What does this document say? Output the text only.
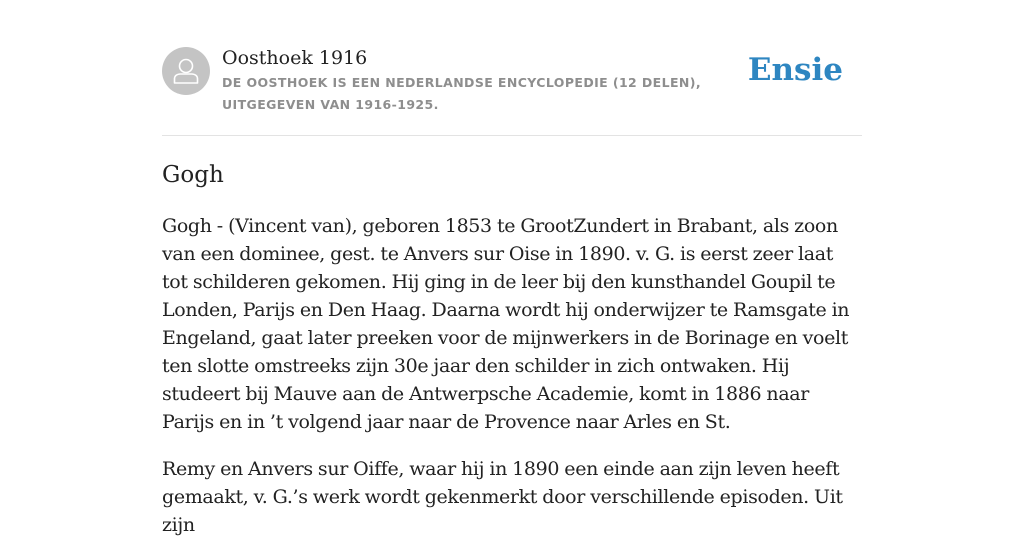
Oosthoek 1916
DE OOSTHOEK IS EEN NEDERLANDSE ENCYCLOPEDIE (12 DELEN), UITGEGEVEN VAN 1916-1925.
Ensie
Gogh

Gogh - (Vincent van), geboren 1853 te GrootZundert in Brabant, als zoon van een dominee, gest. te Anvers sur Oise in 1890. v. G. is eerst zeer laat tot schilderen gekomen. Hij ging in de leer bij den kunsthandel Goupil te Londen, Parijs en Den Haag. Daarna wordt hij onderwijzer te Ramsgate in Engeland, gaat later preeken voor de mijnwerkers in de Borinage en voelt ten slotte omstreeks zijn 30e jaar den schilder in zich ontwaken. Hij studeert bij Mauve aan de Antwerpsche Academie, komt in 1886 naar Parijs en in ’t volgend jaar naar de Provence naar Arles en St.

Remy en Anvers sur Oiffe, waar hij in 1890 een einde aan zijn leven heeft gemaakt, v. G.’s werk wordt gekenmerkt door verschillende episoden. Uit zijn
